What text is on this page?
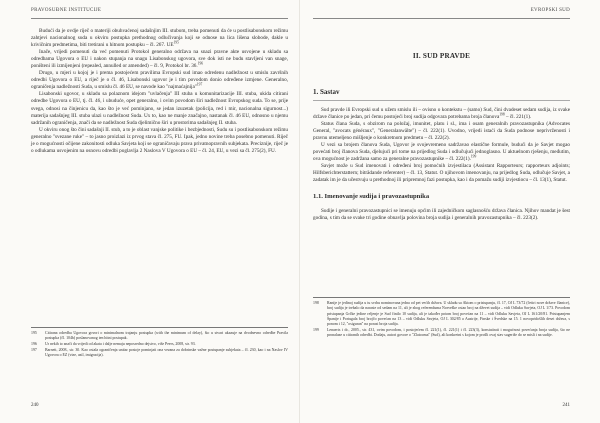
PRAVOSUĐNE INSTITUCIJE

Budući da je ovdje riječ o materiji obuhvaćenoj sadašnjim III. stubom, treba pomenuti da će u postlisabonskom režimu zahtjevi nacionalnog suda u okviru postupka prethodnog odlučivanja koji se odnose na lica lišena slobode, dakle u krivičnim predmetima, biti tretirani u hitnom postupku – čl. 267. UE$^{195}$

Inače, vrijedi pomenuti da već pomenuti Protokol generalno održava na snazi pravne akte usvojene u skladu sa odredbama Ugovora o EU i nakon stupanja na snagu Lisabonskog ugovora, sve dok isti ne budu stavljeni van snage, poništeni ili izmijenjeni (repealed, annulled or amended) – čl. 9, Protokol br. 36.$^{196}$

Drugo, u mjeri u kojoj je i prema postojećem pravilima Evropski sud imao odredenu nadležnost u smislu završnih odredbi Ugovora o EU, a riječ je o čl. 46, Lisabonski ugovor je i tim povodom donio određene izmjene. Generalno, ograničenja nadležnosti Suda, u smislu čl. 46 EU, se navode kao "najmaćajnija"$^{197}$

Lisabonski ugovor, u skladu sa polaznom idejom "uvlačenja" III stuba u komunitarizacije III. stuba, ukida citirani odredbe Ugovora o EU, tj. čl. 46, i ubuduće, opet generalno, i ovim povodom širi nadležnost Evropskog suda. To se, prije svega, odnosi na činjenicu da, kao što je već pominjano, se jedan izuzetak (policija, red i mir, nacionalna sigurnost...) materija sadašnjeg III. stuba ulazi u nadležnost Suda. Ux to, kao ne manje značajno, nastanak čl. 46 EU, odnosno u njemu sadržanih ograničenja, znači da se nadležnost Suda djelimično širi u prostorima sadašnjeg II. stuba.

U okviru onog što čini sadašnji II. stub, a to je oblast vanjske politike i bezbjednosti, Sudu su i postlisabonskom režimu generalno "svezane ruke" – to jasno proizlazi iz prvog stava čl. 275, FU. Ipak, jedno novine treba posebno pomenuti. Riječ je o mogućnosti očijene zakonitosti odluka Savjeta koji se ograničavaju prava privatnopravnih subjekata. Preciznije, riječ je o odlukama usvojenim na osnovu odredbi poglavlja 2 Naslova V Ugovora o EU – čl. 24, EU, u vezi sa čl. 275(2), FU.

195	Citirana odredba Ugovora govori o minimalnom trajanju postupka (with the minimum of delay), što u stvari ukazuje na dvodnevno odredbe Pravila postupka (čl. 104b) poslanovanog ten hitni postupak.
196	Ur nekih to znači da vrijedi od akata i dalje nemaju neposredno dejstvo, više Peers, 2008, str. 93.
197	Barnett, 2008., str. 30. Kao ostala ograničenja unitar postoje pominjati ona vezana za dobrinske važne postupanje subjekata – čl. 230, kao i na Naslov IV Ugovora o EZ (vize, azil, imigracija).
240
EVROPSKI SUD
II. SUD PRAVDE
1. Sastav

Sud pravde ili Evropski sud u užem smislu ili – ovisno o kontekstu – (samo) Sud, čini dvadeset sedam sudija, iz svake države članice po jedan, pri čemu postojeći broj sudija odgovara potrebama broja članova$^{198}$ – čl. 221(1).

Status člana Suda, s obzirom na položaj, imunitet, platu i sl., ima i osam generalnih pravozastupnika (Advocates General, "avocats généraux", "Generalanwälte") – čl. 222(1). Uvodno, vrijedi istaći da Suda podnose neprivrženosti i pravnu utemeljeno mišljenje o konkretnom predmetu – čl. 222(2).

U vezi sa brojem članova Suda, Ugovor je svojevremeno sadržavao elastične formule, budući da je Savjet mogao povećati broj članova Suda, djelujući pri tome na prijedlog Suda i odlučujući jednoglasno. U aktuelnom rješenju, međutim, ova mogućnost je zadržana samo za generalne pravozastupnike – čl. 222(1).$^{199}$

Savjet može u Sud imenovati i određeni broj pomoćnih izvjestilaca (Assistant Rapporteurs; rapporteurs adjoints; Hilfsberichterstattern; bitrādande referenter) – čl. 13, Statut. O njihovom imenovanju, na prijedlog Suda, odlučuje Savjet, a zadatak im je da učestvuju u prethodnoj ili pripremnoj fazi postupka, kao i da pomažu sudiji izvjestiocu – čl. 13(1), Statut.

1.1. Imenovanje sudija i pravozastupnika

Sudije i generalni pravozastupnici se imenuju općim ili zajedničkom saglasnošću država članica. Njihov mandat je šest godina, s tim da se svake tri godine obnavlja polovina broja sudija i generalnih pravozastupnika – čl. 223(2).

198	Ranije je jedinoj sudija u tu svrhu nominovana jedna od pet većih država. U skladu sa Aktom o pristupanju, čl. 17, OJ L 73/72 (četiri nove države članice), broj sudija je trebalo da naraste od sedam na 11, ali je zbog referenduma Norveške ostao broj na dževet sudija – vidi Odluku Savjeta, OJ L 1/73. Povodom pristupanja Grčke jedine reljenje je Sud činilo 10 sudija, ali je također potom broj povećan na 11 – vidi Odluku Savjeta, OJ L 161/20/81. Pristupanjem Španije i Portugala broj brojčo povećan na 13 – vidi Odluku Savjeta, OJ L 302/85 a Austrije, Finske i Švedske na 15. 1 novopridošlih deset država, s ponom i 12, "osiguran" na porast broja sudija.
199	Lenaerts i dr., 2005., str. 431, ovim povodom, i postojećem čl. 221(1), čl. 221(1) i čl. 223(3), konstatirati i mogućnost povećanja broja sudija, što ne pronalaze u citiranih odredbi. Dodaju, autori govore o "Zlatooma" (Sud), ali konkretni s kojom je prošli ovaj stav sugeriše do se misli i na sudije.
241
